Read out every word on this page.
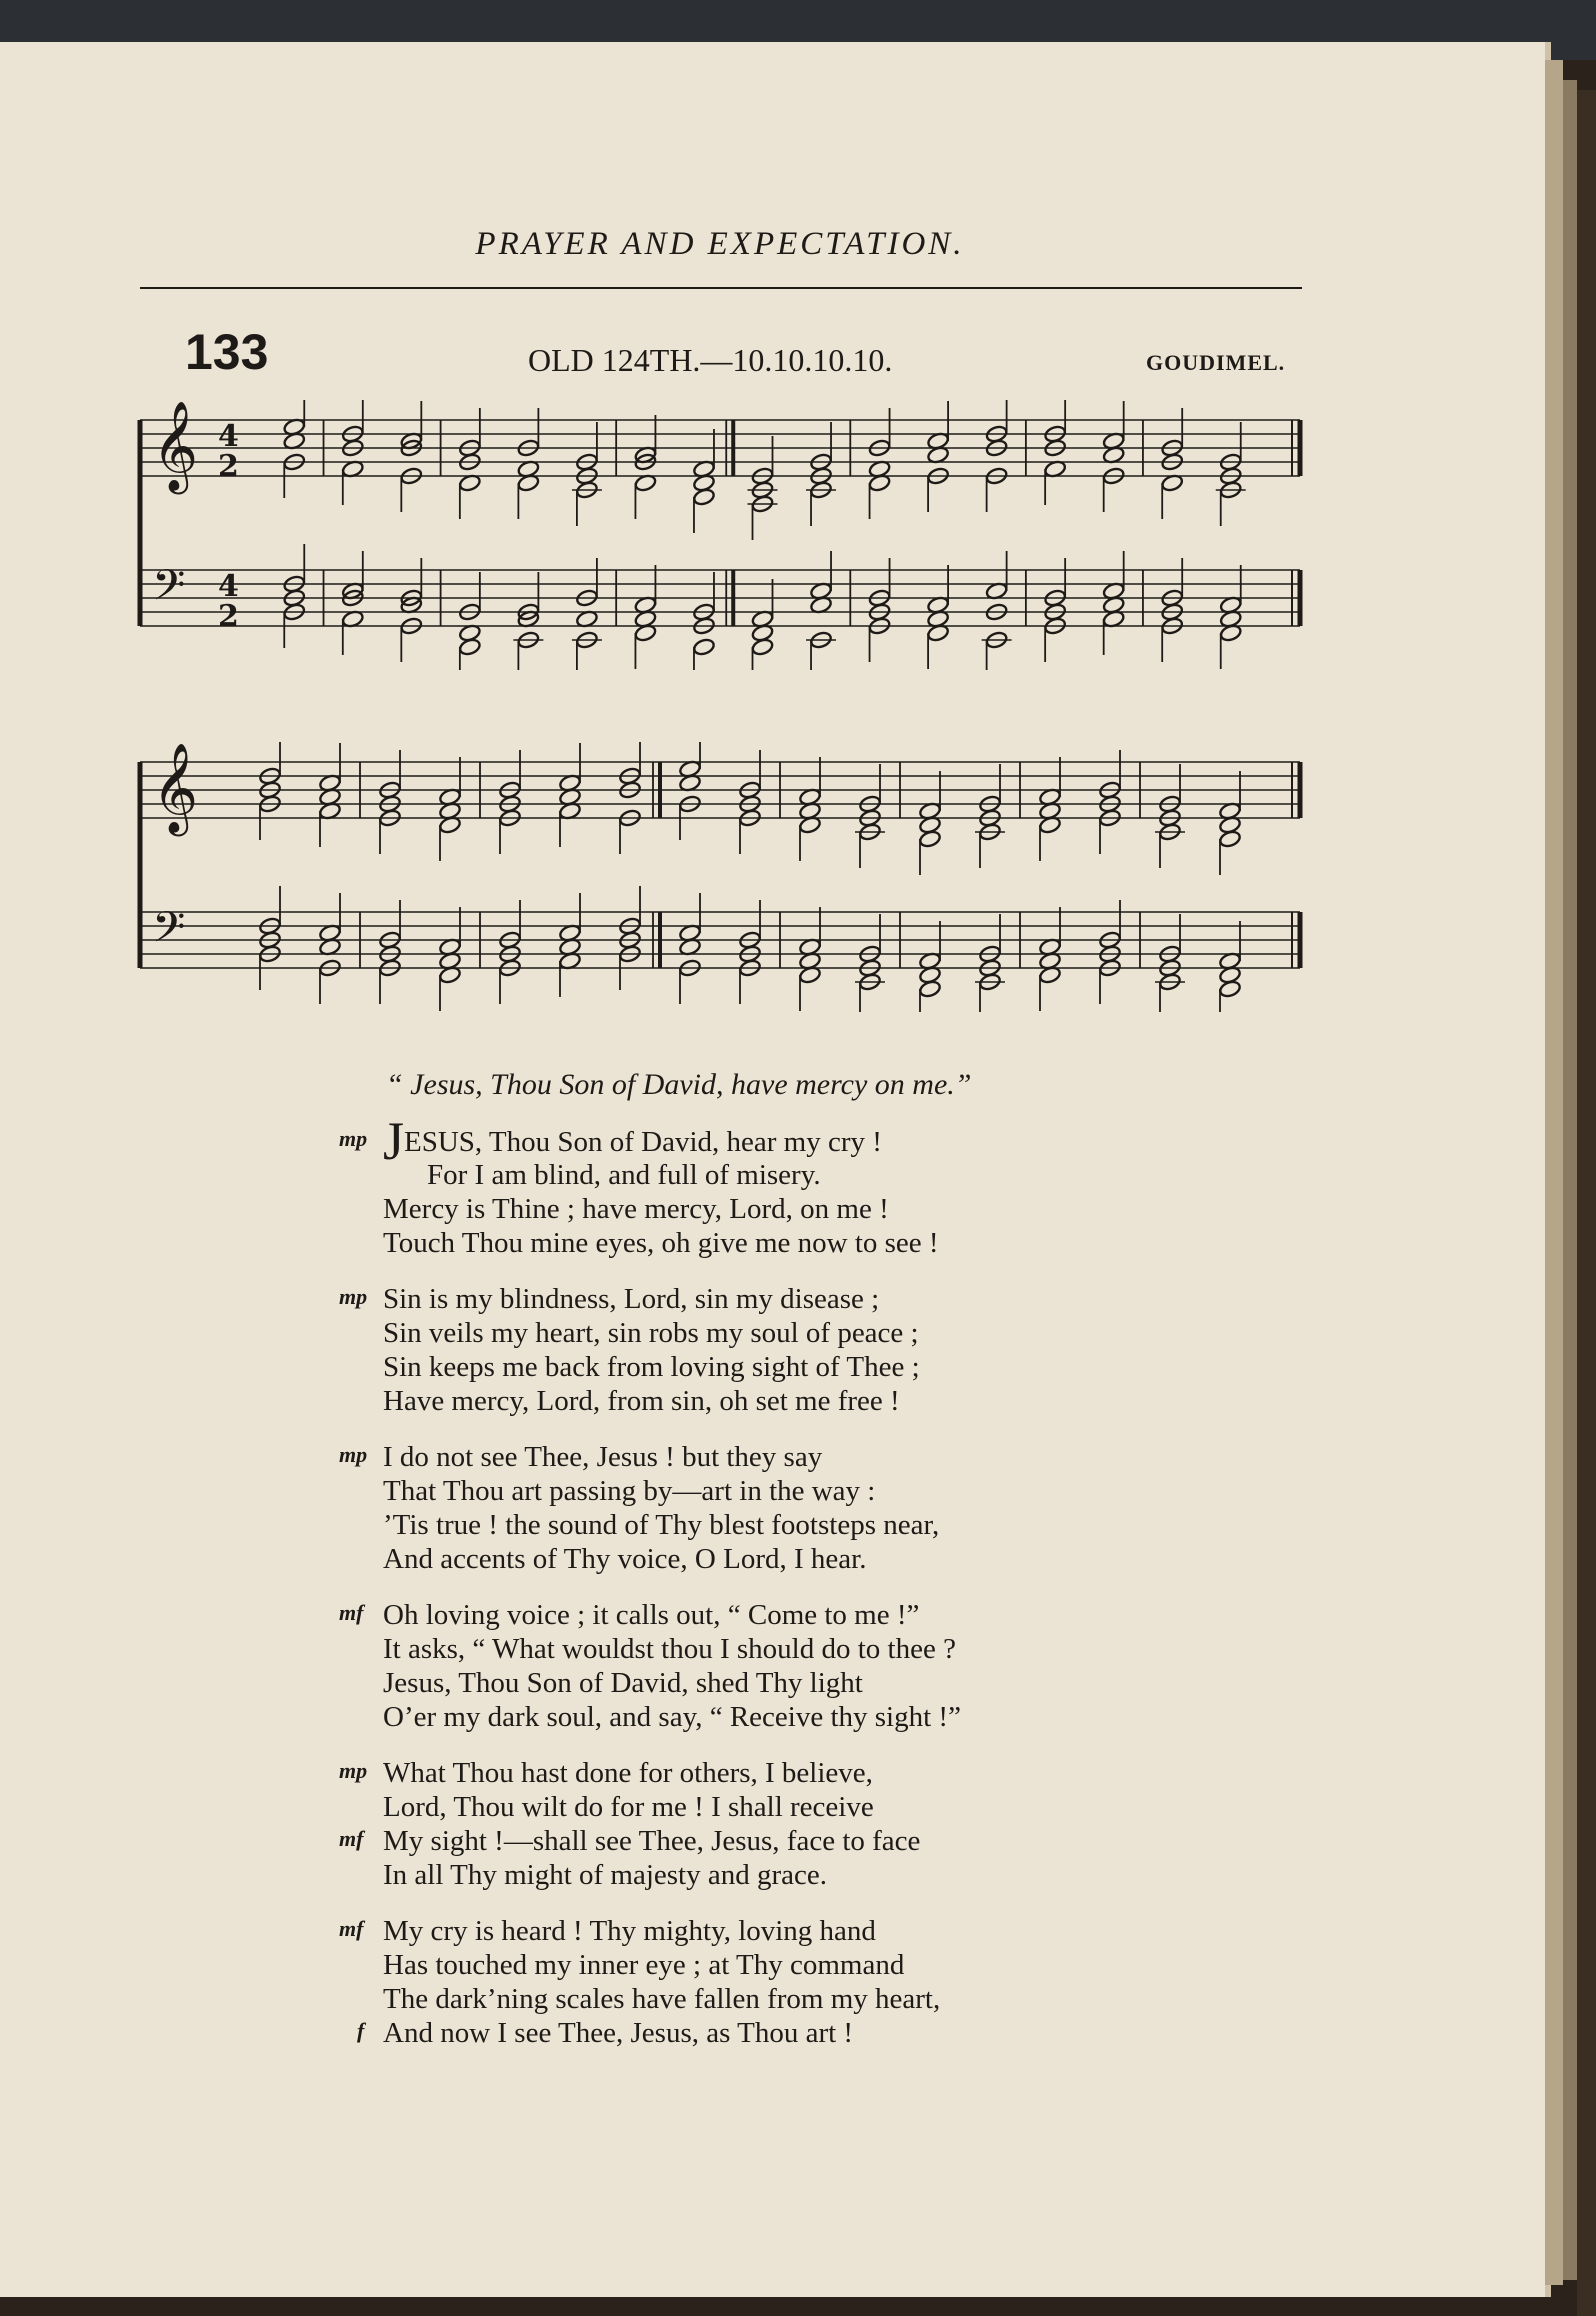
PRAYER AND EXPECTATION.
133	OLD 124TH.—10.10.10.10.	GOUDIMEL.
𝄞 4
2
𝄢 4
2
𝄞
𝄢
“ Jesus, Thou Son of David, have mercy on me.”
mp JESUS, Thou Son of David, hear my cry !
For I am blind, and full of misery.
Mercy is Thine ; have mercy, Lord, on me !
Touch Thou mine eyes, oh give me now to see !
mp Sin is my blindness, Lord, sin my disease ;
Sin veils my heart, sin robs my soul of peace ;
Sin keeps me back from loving sight of Thee ;
Have mercy, Lord, from sin, oh set me free !
mp I do not see Thee, Jesus ! but they say
That Thou art passing by—art in the way :
’Tis true ! the sound of Thy blest footsteps near,
And accents of Thy voice, O Lord, I hear.
mf Oh loving voice ; it calls out, “ Come to me !”
It asks, “ What wouldst thou I should do to thee ?
Jesus, Thou Son of David, shed Thy light
O’er my dark soul, and say, “ Receive thy sight !”
mp What Thou hast done for others, I believe,
Lord, Thou wilt do for me ! I shall receive
mf My sight !—shall see Thee, Jesus, face to face
In all Thy might of majesty and grace.
mf My cry is heard ! Thy mighty, loving hand
Has touched my inner eye ; at Thy command
The dark’ning scales have fallen from my heart,
f And now I see Thee, Jesus, as Thou art !
